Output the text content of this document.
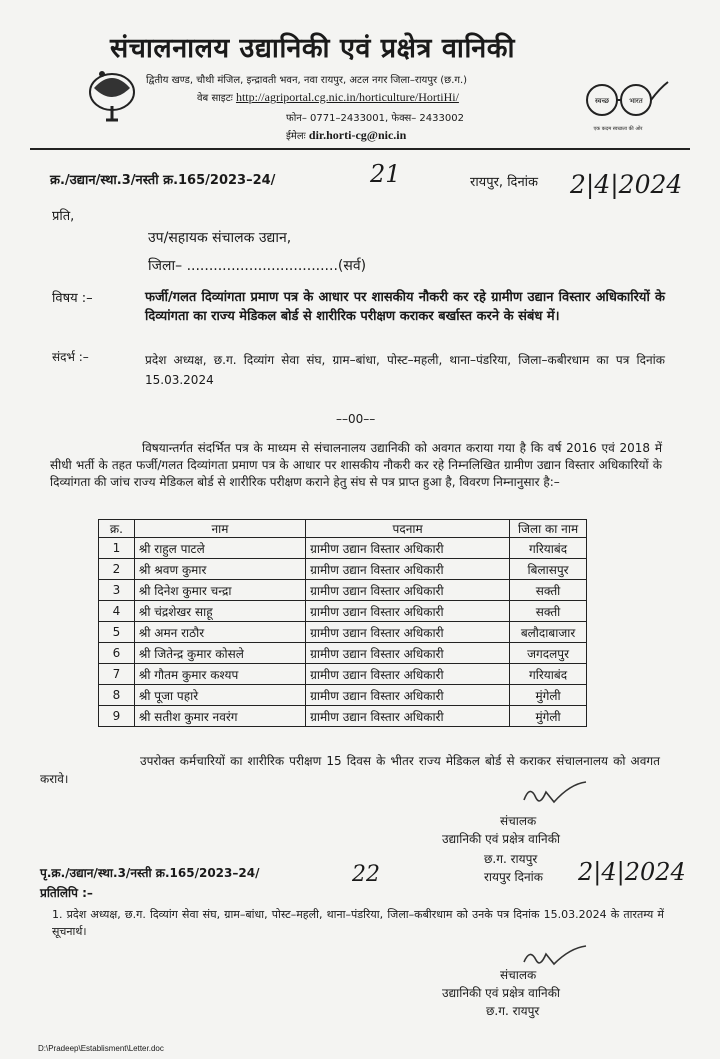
संचालनालय उद्यानिकी एवं प्रक्षेत्र वानिकी
द्वितीय खण्ड, चौथी मंजिल, इन्द्रावती भवन, नवा रायपुर, अटल नगर जिला–रायपुर (छ.ग.)
वेब साइटः http://agriportal.cg.nic.in/horticulture/HortiHi/
फोन– 0771–2433001, फेक्स– 2433002
ईमेलः dir.horti-cg@nic.in
स्वच्छ	भारत
एक कदम स्वच्छता की ओर
क्र./उद्यान/स्था.3/नस्ती क्र.165/2023–24/	21	रायपुर, दिनांक 2|4|2024
प्रति,
उप/सहायक संचालक उद्यान,
जिला– ..................................(सर्व)
विषय :–	फर्जी/गलत दिव्यांगता प्रमाण पत्र के आधार पर शासकीय नौकरी कर रहे ग्रामीण उद्यान विस्तार अधिकारियों के दिव्यांगता का राज्य मेडिकल बोर्ड से शारीरिक परीक्षण कराकर बर्खास्त करने के संबंध में।
संदर्भ :–	प्रदेश अध्यक्ष, छ.ग. दिव्यांग सेवा संघ, ग्राम–बांधा, पोस्ट–महली, थाना–पंडरिया, जिला–कबीरधाम का पत्र दिनांक 15.03.2024
––00––
विषयान्तर्गत संदर्भित पत्र के माध्यम से संचालनालय उद्यानिकी को अवगत कराया गया है कि वर्ष 2016 एवं 2018 में सीधी भर्ती के तहत फर्जी/गलत दिव्यांगता प्रमाण पत्र के आधार पर शासकीय नौकरी कर रहे निम्नलिखित ग्रामीण उद्यान विस्तार अधिकारियों के दिव्यांगता की जांच राज्य मेडिकल बोर्ड से शारीरिक परीक्षण कराने हेतु संघ से पत्र प्राप्त हुआ है, विवरण निम्नानुसार है:–
क्र.	नाम	पदनाम	जिला का नाम
1	श्री राहुल पाटले	ग्रामीण उद्यान विस्तार अधिकारी	गरियाबंद
2	श्री श्रवण कुमार	ग्रामीण उद्यान विस्तार अधिकारी	बिलासपुर
3	श्री दिनेश कुमार चन्द्रा	ग्रामीण उद्यान विस्तार अधिकारी	सक्ती
4	श्री चंद्रशेखर साहू	ग्रामीण उद्यान विस्तार अधिकारी	सक्ती
5	श्री अमन राठौर	ग्रामीण उद्यान विस्तार अधिकारी	बलौदाबाजार
6	श्री जितेन्द्र कुमार कोसले	ग्रामीण उद्यान विस्तार अधिकारी	जगदलपुर
7	श्री गौतम कुमार कश्यप	ग्रामीण उद्यान विस्तार अधिकारी	गरियाबंद
8	श्री पूजा पहारे	ग्रामीण उद्यान विस्तार अधिकारी	मुंगेली
9	श्री सतीश कुमार नवरंग	ग्रामीण उद्यान विस्तार अधिकारी	मुंगेली
उपरोक्त कर्मचारियों का शारीरिक परीक्षण 15 दिवस के भीतर राज्य मेडिकल बोर्ड से कराकर संचालनालय को अवगत करावे।
संचालक
उद्यानिकी एवं प्रक्षेत्र वानिकी
छ.ग. रायपुर
रायपुर दिनांक 2|4|2024
पृ.क्र./उद्यान/स्था.3/नस्ती क्र.165/2023–24/	22
प्रतिलिपि :–
1. प्रदेश अध्यक्ष, छ.ग. दिव्यांग सेवा संघ, ग्राम–बांधा, पोस्ट–महली, थाना–पंडरिया, जिला–कबीरधाम को उनके पत्र दिनांक 15.03.2024 के तारतम्य में सूचनार्थ।
संचालक
उद्यानिकी एवं प्रक्षेत्र वानिकी
छ.ग. रायपुर
D:\Pradeep\Establisment\Letter.doc
